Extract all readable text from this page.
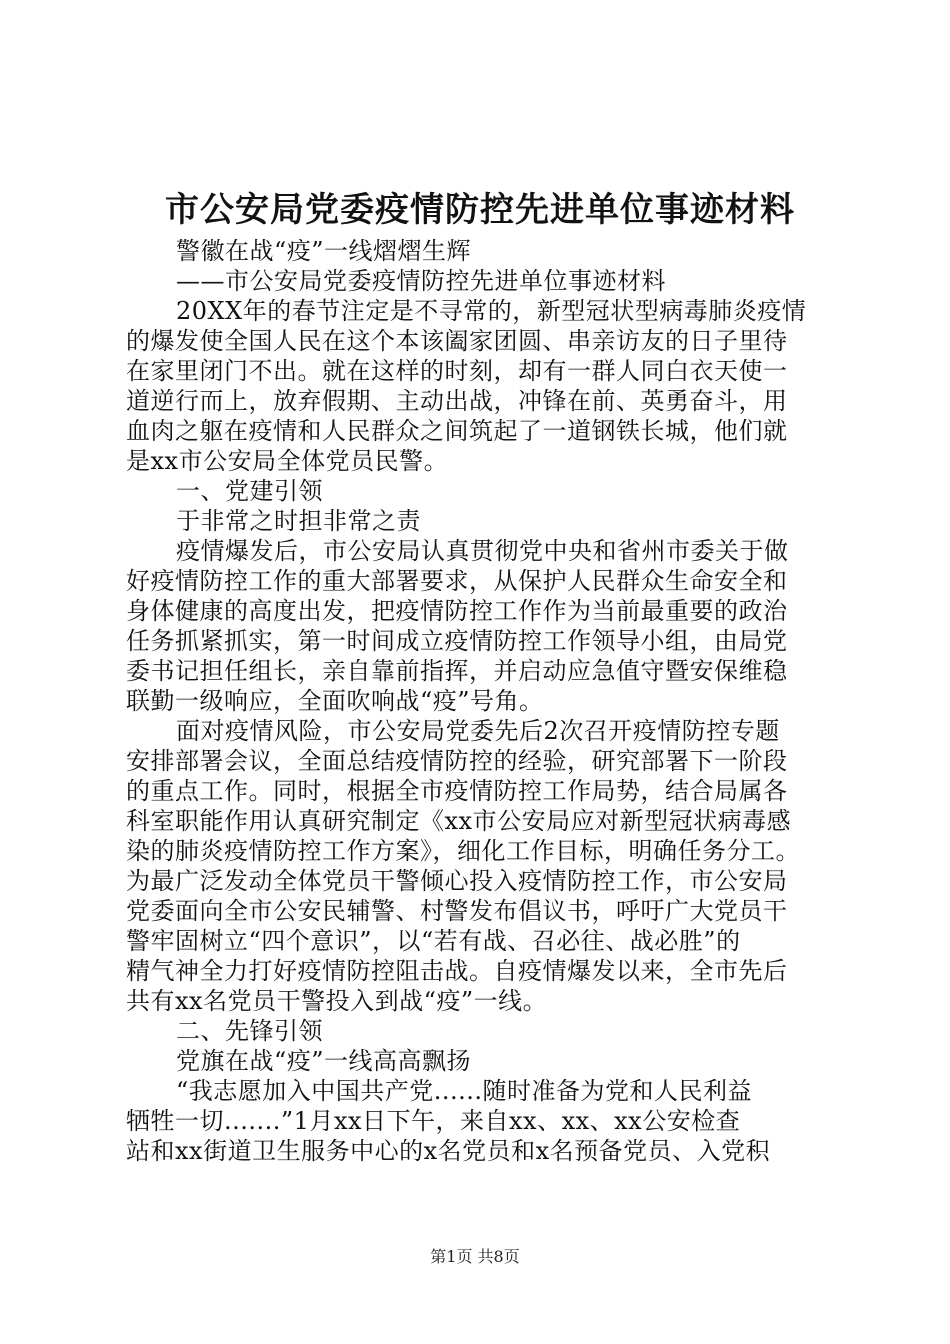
市公安局党委疫情防控先进单位事迹材料
警徽在战“疫”一线熠熠生辉
——市公安局党委疫情防控先进单位事迹材料
20XX年的春节注定是不寻常的，新型冠状型病毒肺炎疫情
的爆发使全国人民在这个本该阖家团圆、串亲访友的日子里待
在家里闭门不出。就在这样的时刻，却有一群人同白衣天使一
道逆行而上，放弃假期、主动出战，冲锋在前、英勇奋斗，用
血肉之躯在疫情和人民群众之间筑起了一道钢铁长城，他们就
是xx市公安局全体党员民警。
一、党建引领
于非常之时担非常之责
疫情爆发后，市公安局认真贯彻党中央和省州市委关于做
好疫情防控工作的重大部署要求，从保护人民群众生命安全和
身体健康的高度出发，把疫情防控工作作为当前最重要的政治
任务抓紧抓实，第一时间成立疫情防控工作领导小组，由局党
委书记担任组长，亲自靠前指挥，并启动应急值守暨安保维稳
联勤一级响应，全面吹响战“疫”号角。
面对疫情风险，市公安局党委先后2次召开疫情防控专题
安排部署会议，全面总结疫情防控的经验，研究部署下一阶段
的重点工作。同时，根据全市疫情防控工作局势，结合局属各
科室职能作用认真研究制定《xx市公安局应对新型冠状病毒感
染的肺炎疫情防控工作方案》，细化工作目标，明确任务分工。
为最广泛发动全体党员干警倾心投入疫情防控工作，市公安局
党委面向全市公安民辅警、村警发布倡议书，呼吁广大党员干
警牢固树立“四个意识”，以“若有战、召必往、战必胜”的
精气神全力打好疫情防控阻击战。自疫情爆发以来，全市先后
共有xx名党员干警投入到战“疫”一线。
二、先锋引领
党旗在战“疫”一线高高飘扬
“我志愿加入中国共产党......随时准备为党和人民利益
牺牲一切.......”1月xx日下午，来自xx、xx、xx公安检查
站和xx街道卫生服务中心的x名党员和x名预备党员、入党积
第1页 共8页
